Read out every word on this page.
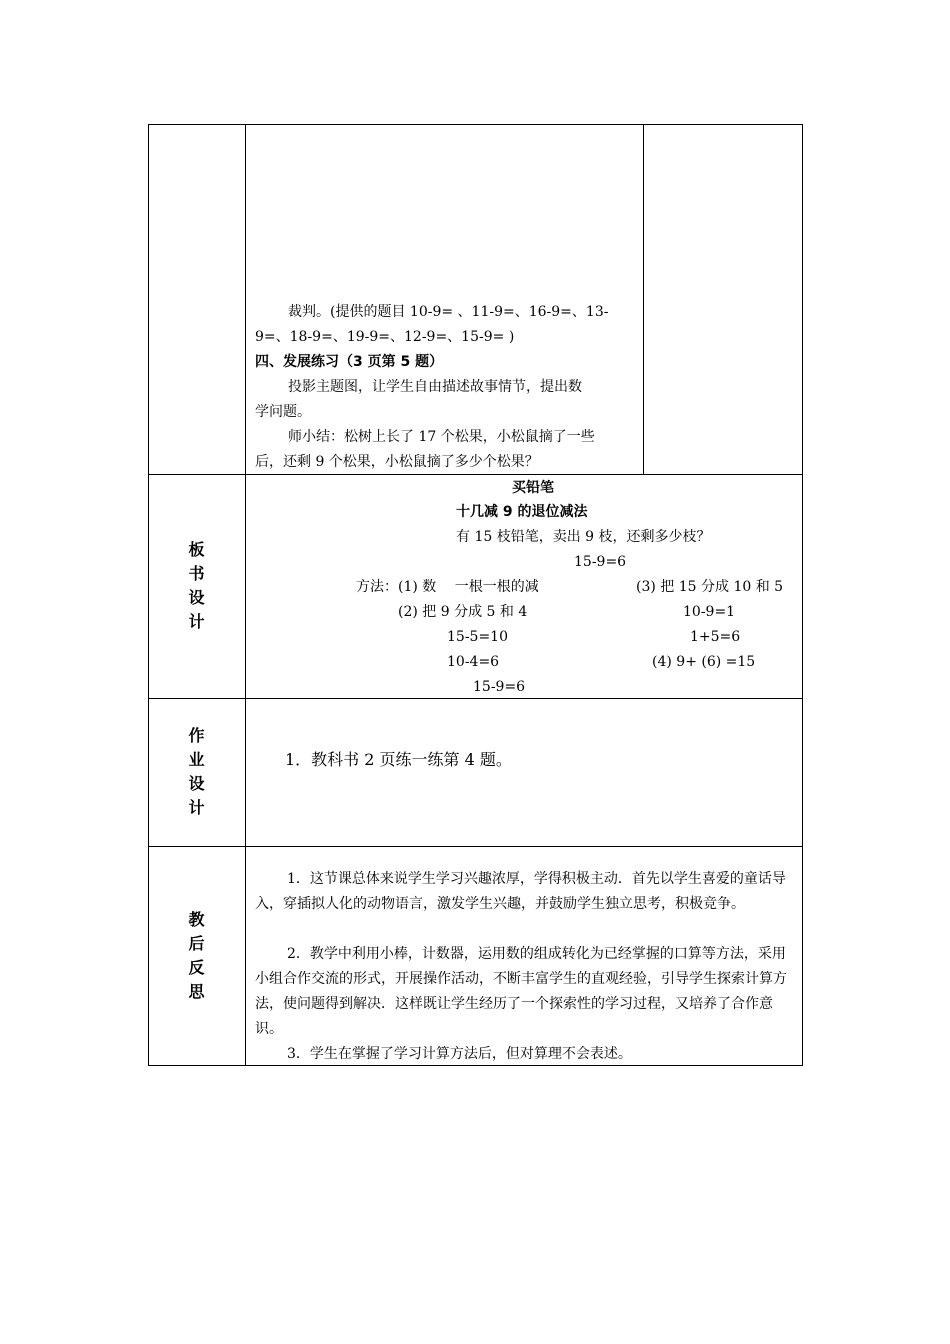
裁判。(提供的题目 10-9= 、11-9=、16-9=、13-
9=、18-9=、19-9=、12-9=、15-9= )
四、发展练习（3 页第 5 题）
投影主题图，让学生自由描述故事情节，提出数
学问题。
师小结：松树上长了 17 个松果，小松鼠摘了一些
后，还剩 9 个松果，小松鼠摘了多少个松果？
板
书
设
计
买铅笔
十几减 9 的退位减法
有 15 枝铅笔，卖出 9 枝，还剩多少枝？
15-9=6
方法：(1) 数　 一根一根的减	(3) 把 15 分成 10 和 5
(2) 把 9 分成 5 和 4	10-9=1
15-5=10	1+5=6
10-4=6	(4) 9+ (6) =15
15-9=6
作
业
设
计
1．教科书 2 页练一练第 4 题。
教
后
反
思
1．这节课总体来说学生学习兴趣浓厚，学得积极主动．首先以学生喜爱的童话导入，穿插拟人化的动物语言，激发学生兴趣，并鼓励学生独立思考，积极竞争。
2．教学中利用小棒，计数器，运用数的组成转化为已经掌握的口算等方法，采用小组合作交流的形式，开展操作活动，不断丰富学生的直观经验，引导学生探索计算方法，使问题得到解决．这样既让学生经历了一个探索性的学习过程，又培养了合作意识。
3．学生在掌握了学习计算方法后，但对算理不会表述。
